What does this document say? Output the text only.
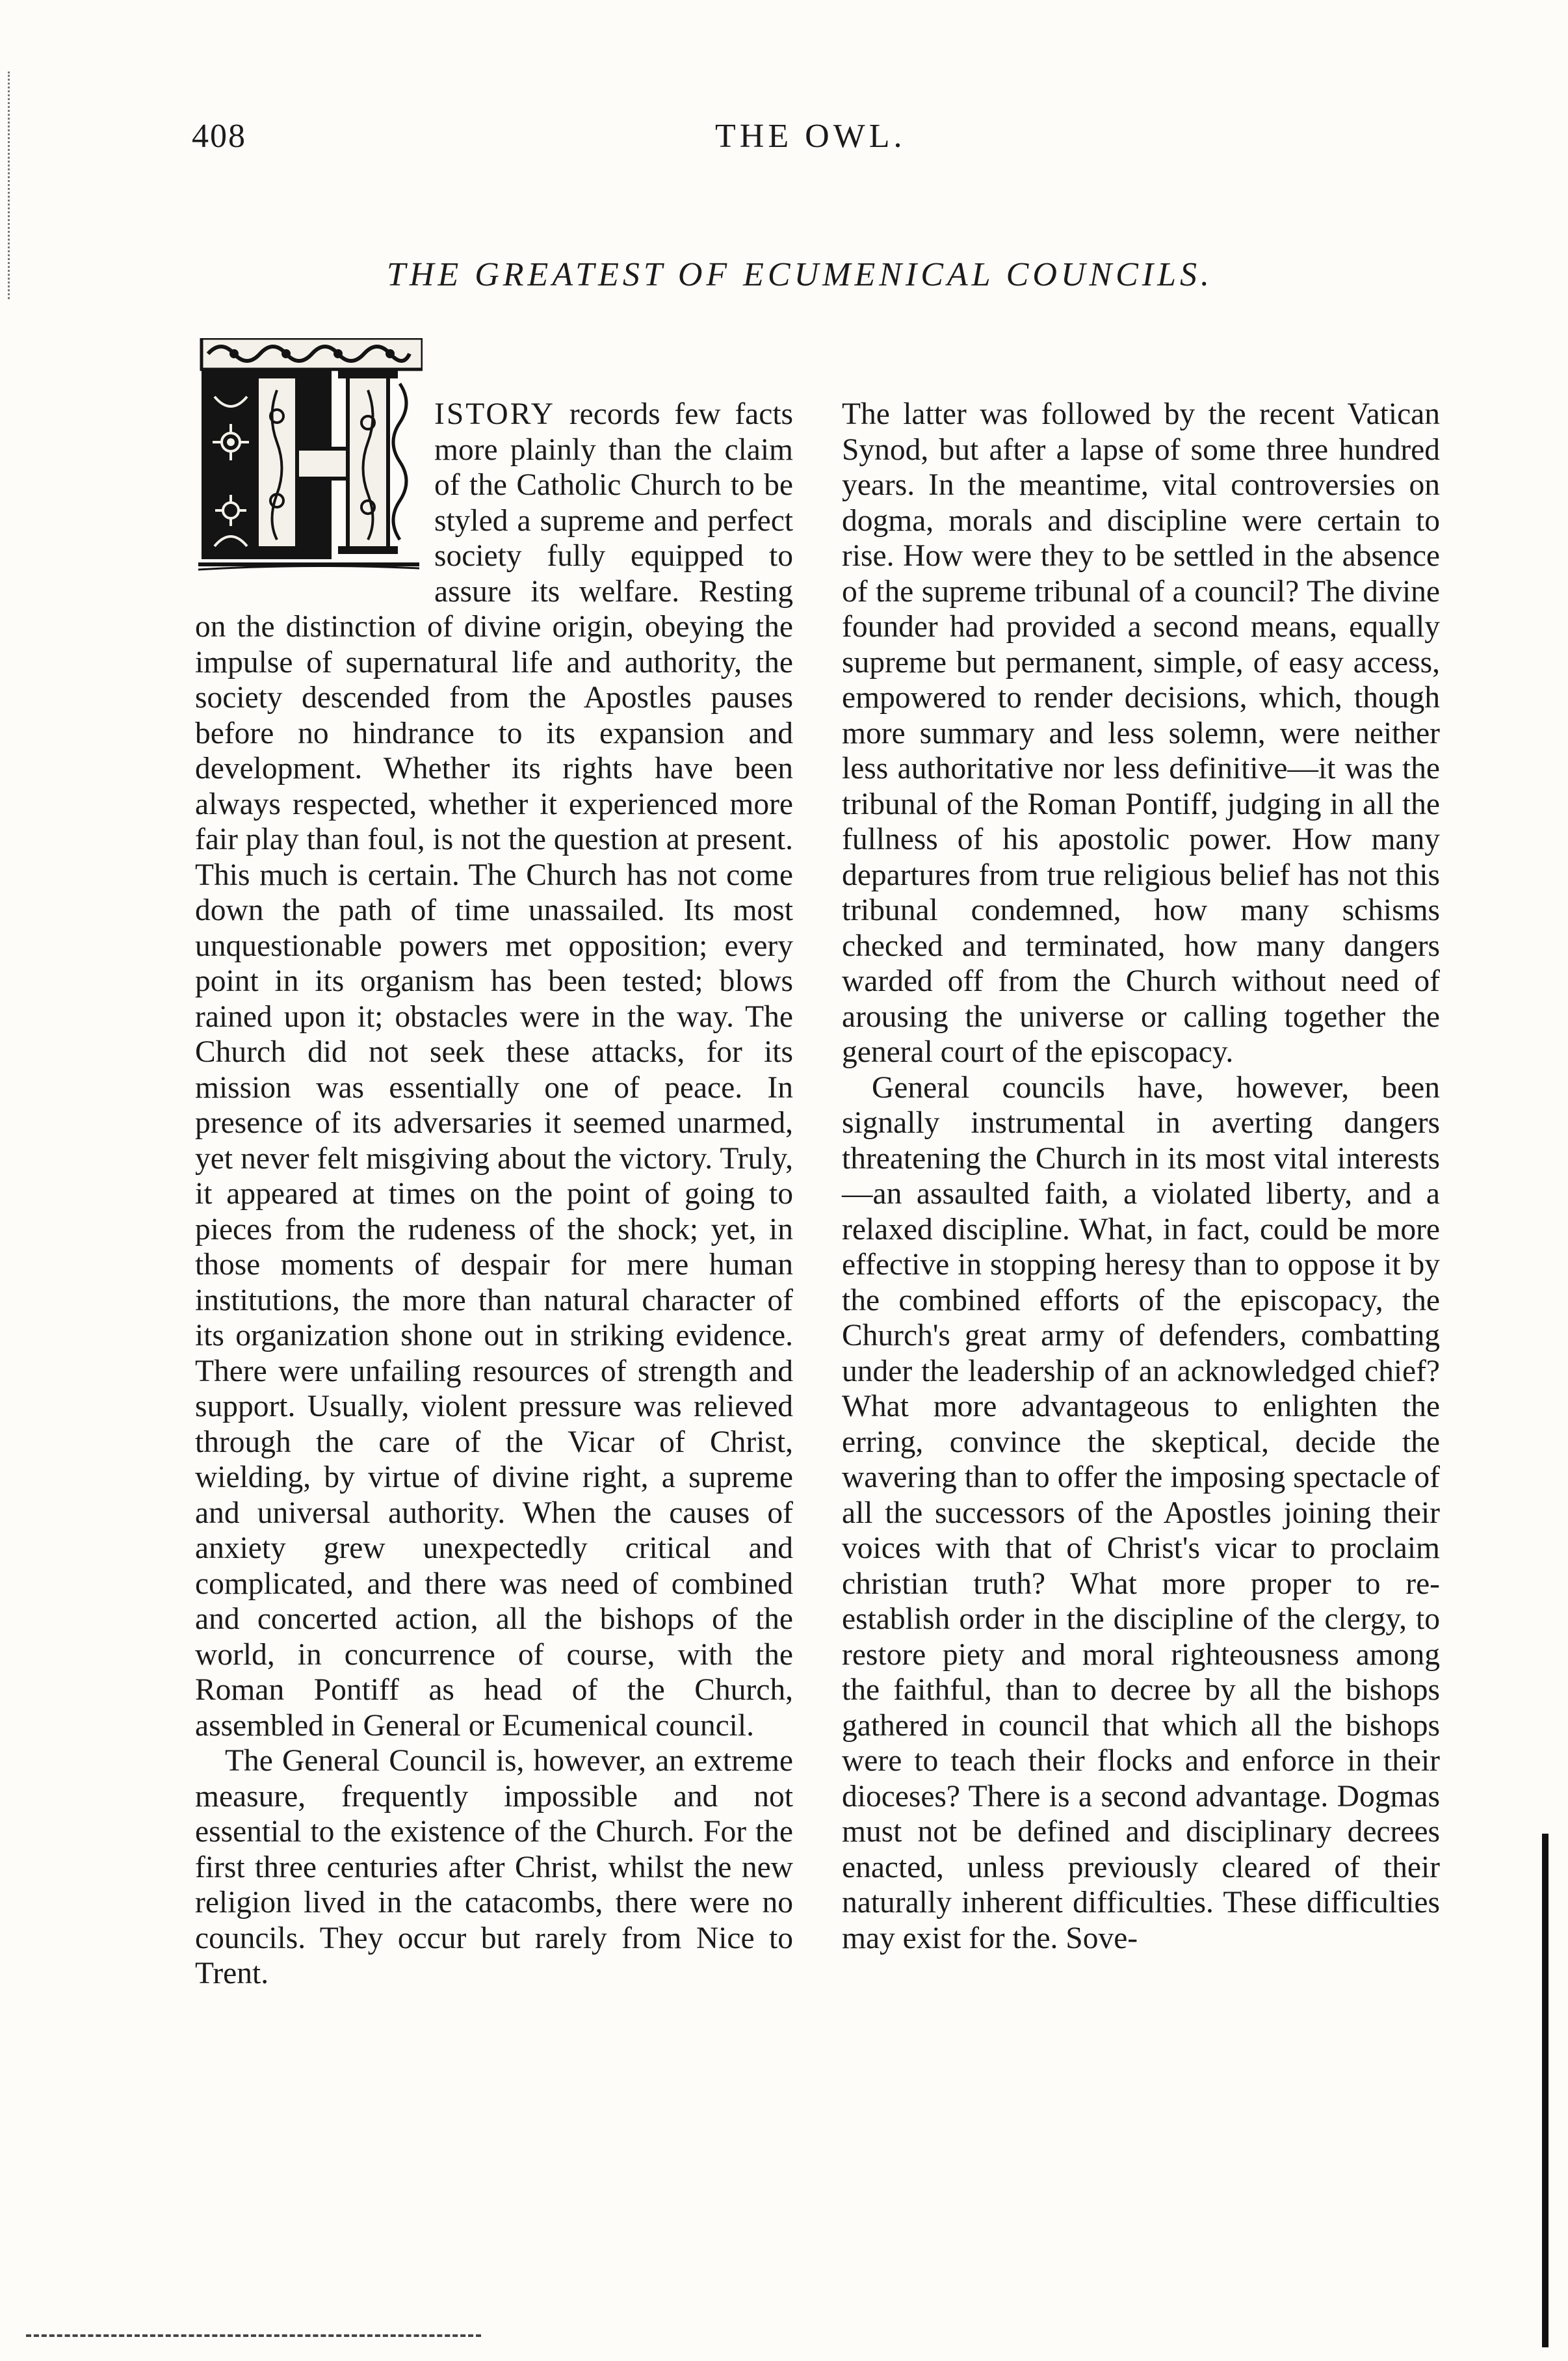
408	THE OWL.
THE GREATEST OF ECUMENICAL COUNCILS.

ISTORY records few facts more plainly than the claim of the Catholic Church to be styled a supreme and perfect society fully equipped to assure its welfare. Resting on the distinction of divine origin, obeying the impulse of supernatural life and authority, the society descended from the Apostles pauses before no hindrance to its expansion and development. Whether its rights have been always respected, whether it experienced more fair play than foul, is not the question at present. This much is certain. The Church has not come down the path of time unassailed. Its most unquestionable powers met opposition; every point in its organism has been tested; blows rained upon it; obstacles were in the way. The Church did not seek these attacks, for its mission was essentially one of peace. In presence of its adversaries it seemed unarmed, yet never felt misgiving about the victory. Truly, it appeared at times on the point of going to pieces from the rudeness of the shock; yet, in those moments of despair for mere human institutions, the more than natural character of its organization shone out in striking evidence. There were unfailing resources of strength and support. Usually, violent pressure was relieved through the care of the Vicar of Christ, wielding, by virtue of divine right, a supreme and universal authority. When the causes of anxiety grew unexpectedly critical and complicated, and there was need of combined and concerted action, all the bishops of the world, in concurrence of course, with the Roman Pontiff as head of the Church, assembled in General or Ecumenical council.

The General Council is, however, an extreme measure, frequently impossible and not essential to the existence of the Church. For the first three centuries after Christ, whilst the new religion lived in the catacombs, there were no councils. They occur but rarely from Nice to Trent.

The latter was followed by the recent Vatican Synod, but after a lapse of some three hundred years. In the meantime, vital controversies on dogma, morals and discipline were certain to rise. How were they to be settled in the absence of the supreme tribunal of a council? The divine founder had provided a second means, equally supreme but permanent, simple, of easy access, empowered to render decisions, which, though more summary and less solemn, were neither less authoritative nor less definitive—it was the tribunal of the Roman Pontiff, judging in all the fullness of his apostolic power. How many departures from true religious belief has not this tribunal condemned, how many schisms checked and terminated, how many dangers warded off from the Church without need of arousing the universe or calling together the general court of the episcopacy.

General councils have, however, been signally instrumental in averting dangers threatening the Church in its most vital interests—an assaulted faith, a violated liberty, and a relaxed discipline. What, in fact, could be more effective in stopping heresy than to oppose it by the combined efforts of the episcopacy, the Church's great army of defenders, combatting under the leadership of an acknowledged chief? What more advantageous to enlighten the erring, convince the skeptical, decide the wavering than to offer the imposing spectacle of all the successors of the Apostles joining their voices with that of Christ's vicar to proclaim christian truth? What more proper to re-establish order in the discipline of the clergy, to restore piety and moral righteousness among the faithful, than to decree by all the bishops gathered in council that which all the bishops were to teach their flocks and enforce in their dioceses? There is a second advantage. Dogmas must not be defined and disciplinary decrees enacted, unless previously cleared of their naturally inherent difficulties. These difficulties may exist for the. Sove-
